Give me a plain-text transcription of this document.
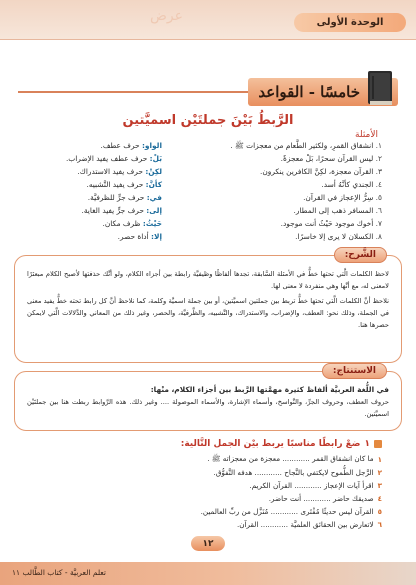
عرض	الوحدة الأولى
خامسًا - القواعد
الرَّبطُ بَيْنَ جملتَيْن اسميَّتين
الأمثلة
١. انشقاق القمرِ، ولكثير الطَّعام من معجزات ﷺ .
الواو: حرف عطف.
٢. ليس القرآن سحرًا، بَلْ معجزةٌ.
بَلْ: حرف عطف يفيد الإضراب.
٣. القرآن معجزة، لكِنَّ الكافرين ينكرون.
لكِنْ: حرف يفيد الاستدراك.
٤. الجندي كأنَّهُ أسد.
كأنَّ: حرف يفيد التَّشبيه.
٥. سِرُّ الإعجاز في القرآن.
في: حرف جرٍّ للظرفيَّة.
٦. المسافر ذهب إلى المطار.
إلى: حرف جرٍّ يفيد الغاية.
٧. أخوك موجود حَيْثُ أنت موجود.
حَيْثُ: ظرف مكان.
٨. الكسلان لا يرى إلا خاسرًا.
إلا: أداة حصر.
الشَّرح:

لاحظ الكلمات الَّتي تحتها خطٌّ في الأمثلة السَّابقة، تجدها ألفاظًا وظيفيَّة رابطة بين أجزاء الكلام، ولو أنَّك حذفتها لأصبح الكلام مبعثرًا لامعنى له، مع أنَّها وهي منفردة لا معنى لها.

نلاحظ أنَّ الكلمات الَّتي تحتها خطٌّ تربط بين جملتين اسميَّتين، أو بين جملة اسميَّة وكلمة، كما نلاحظ أنَّ كل رابط تحته خطٌّ يفيد معنى في الجملة، وذلك نحو: العطف، والإضراب، والاستدراك، والتَّشبيه، والظَّرفيَّة، والحصر، وغير ذلك من المعاني والدَّلالات الَّتي لايمكن حصرها هنا.

الاستنتاج:

في اللُّغة العربيَّة ألفاظ كثيرة مهمَّتها الرَّبط بين أجزاء الكلام، منْها:

حروف العطف، وحروف الجرِّ، والنَّواسخ، وأسماء الإشارة، والأسماء الموصولة .... وغير ذلك. هذه الرَّوابط ربطت هنا بين جملتَيْن اسميَّتين.

١
ضعْ رابطًا مناسبًا يربط بيْن الجمل التَّالية:
١
ما كان انشقاق القمر ............ معجزة من معجزاته ﷺ .
٢
الرَّجل الطُّموح لايكتفي بالنَّجاح ............ هدفه التَّفوُّق.
٣
اقرأ آيات الإعجاز ............ القرآن الكريم.
٤
صديقك حاضر ............ أنت حاضر.
٥
القرآن ليس حديثًا مُفْتَرى ............ مُنَزَّل من ربِّ العالمين.
٦
لاتعارض بين الحقائق العلميَّة ............ القرآن.
١٢
تعلم العربيَّة - كتاب الطَّالب ١١
